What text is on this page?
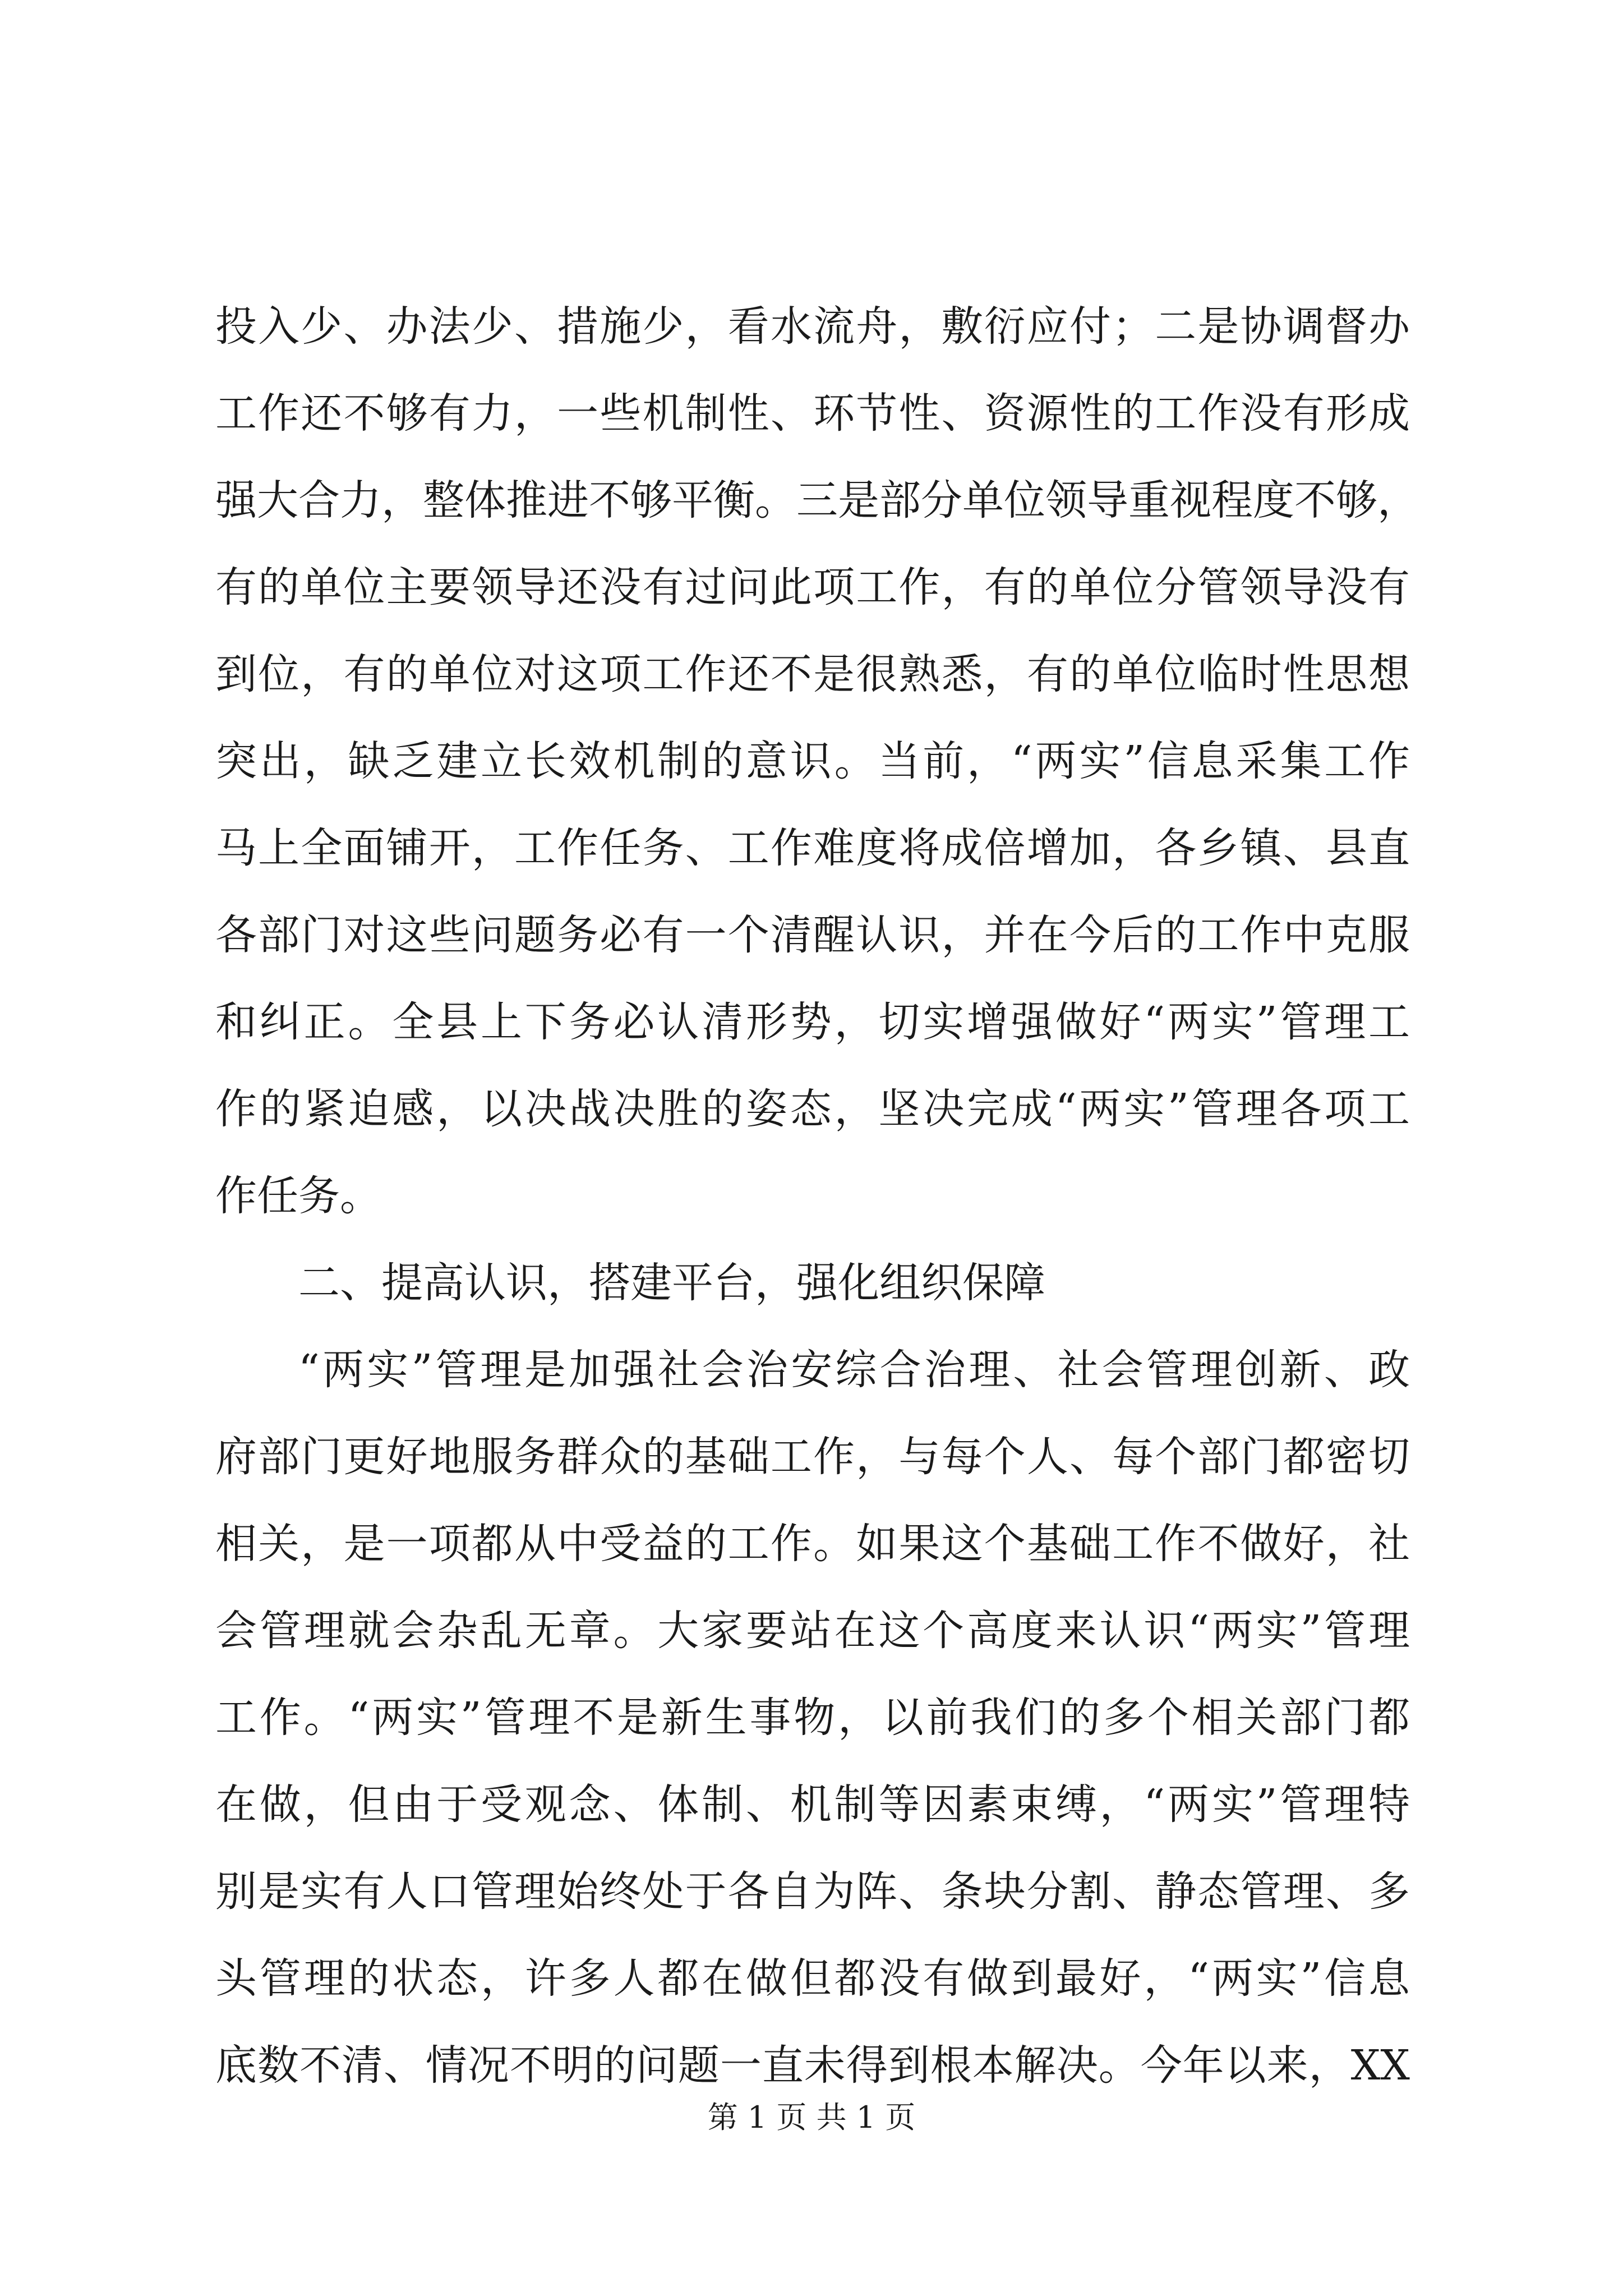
投入少、办法少、措施少，看水流舟，敷衍应付；二是协调督办
工作还不够有力，一些机制性、环节性、资源性的工作没有形成
强大合力，整体推进不够平衡。三是部分单位领导重视程度不够，
有的单位主要领导还没有过问此项工作，有的单位分管领导没有
到位，有的单位对这项工作还不是很熟悉，有的单位临时性思想
突出，缺乏建立长效机制的意识。当前，“两实”信息采集工作
马上全面铺开，工作任务、工作难度将成倍增加，各乡镇、县直
各部门对这些问题务必有一个清醒认识，并在今后的工作中克服
和纠正。全县上下务必认清形势，切实增强做好“两实”管理工
作的紧迫感，以决战决胜的姿态，坚决完成“两实”管理各项工
作任务。
二、提高认识，搭建平台，强化组织保障
“两实”管理是加强社会治安综合治理、社会管理创新、政
府部门更好地服务群众的基础工作，与每个人、每个部门都密切
相关，是一项都从中受益的工作。如果这个基础工作不做好，社
会管理就会杂乱无章。大家要站在这个高度来认识“两实”管理
工作。“两实”管理不是新生事物，以前我们的多个相关部门都
在做，但由于受观念、体制、机制等因素束缚，“两实”管理特
别是实有人口管理始终处于各自为阵、条块分割、静态管理、多
头管理的状态，许多人都在做但都没有做到最好，“两实”信息
底数不清、情况不明的问题一直未得到根本解决。今年以来，XX
第 1 页 共 1 页
